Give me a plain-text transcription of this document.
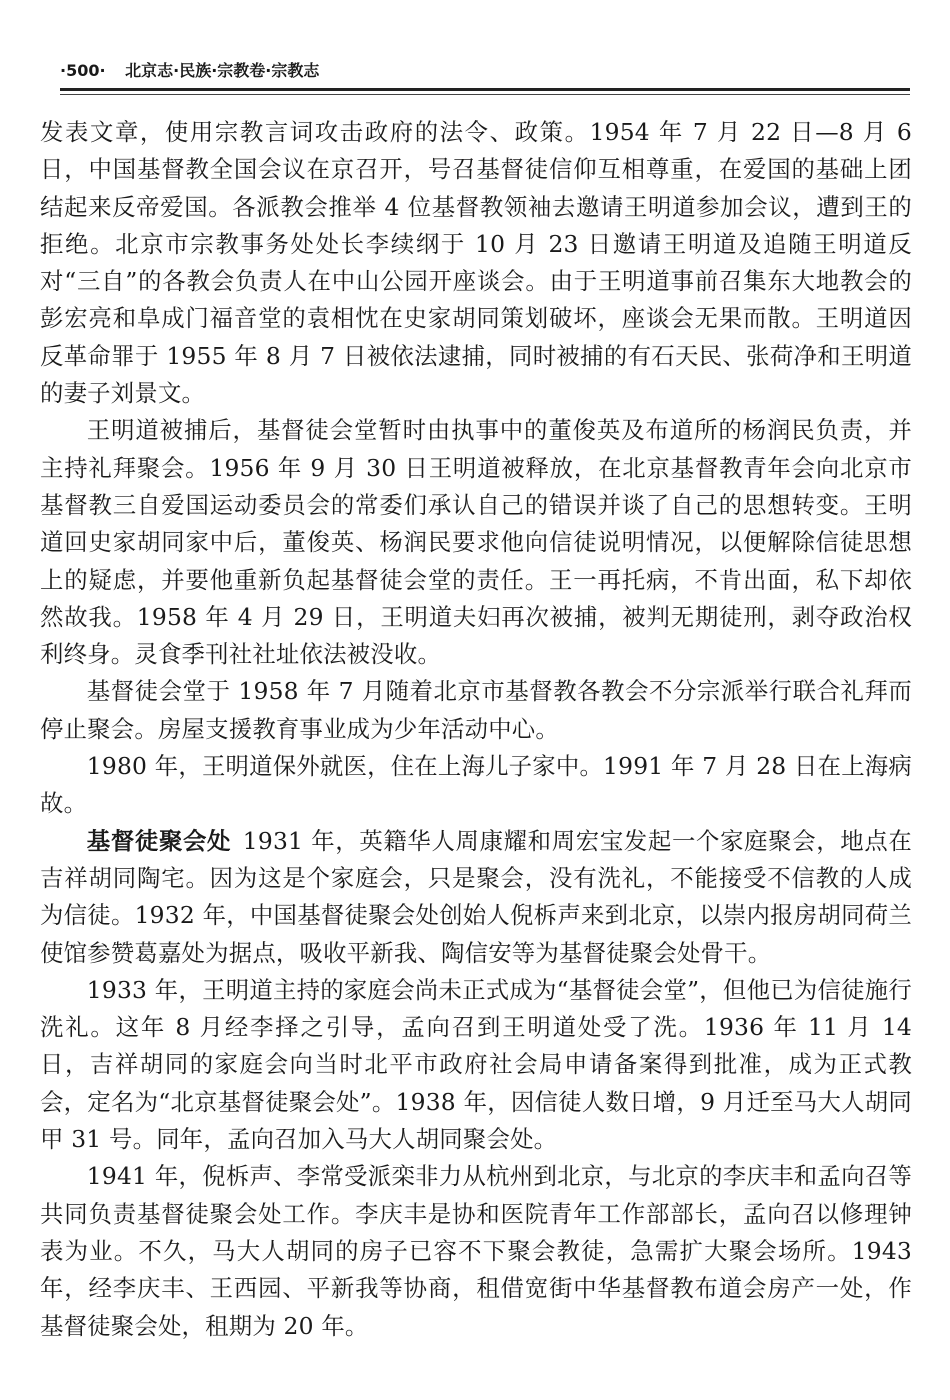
·500· 北京志·民族·宗教卷·宗教志

发表文章，使用宗教言词攻击政府的法令、政策。1954 年 7 月 22 日—8 月 6 日，中国基督教全国会议在京召开，号召基督徒信仰互相尊重，在爱国的基础上团结起来反帝爱国。各派教会推举 4 位基督教领袖去邀请王明道参加会议，遭到王的拒绝。北京市宗教事务处处长李续纲于 10 月 23 日邀请王明道及追随王明道反对“三自”的各教会负责人在中山公园开座谈会。由于王明道事前召集东大地教会的彭宏亮和阜成门福音堂的袁相忱在史家胡同策划破坏，座谈会无果而散。王明道因反革命罪于 1955 年 8 月 7 日被依法逮捕，同时被捕的有石天民、张荷净和王明道的妻子刘景文。

王明道被捕后，基督徒会堂暂时由执事中的董俊英及布道所的杨润民负责，并主持礼拜聚会。1956 年 9 月 30 日王明道被释放，在北京基督教青年会向北京市基督教三自爱国运动委员会的常委们承认自己的错误并谈了自己的思想转变。王明道回史家胡同家中后，董俊英、杨润民要求他向信徒说明情况，以便解除信徒思想上的疑虑，并要他重新负起基督徒会堂的责任。王一再托病，不肯出面，私下却依然故我。1958 年 4 月 29 日，王明道夫妇再次被捕，被判无期徒刑，剥夺政治权利终身。灵食季刊社社址依法被没收。

基督徒会堂于 1958 年 7 月随着北京市基督教各教会不分宗派举行联合礼拜而停止聚会。房屋支援教育事业成为少年活动中心。

1980 年，王明道保外就医，住在上海儿子家中。1991 年 7 月 28 日在上海病故。

基督徒聚会处 1931 年，英籍华人周康耀和周宏宝发起一个家庭聚会，地点在吉祥胡同陶宅。因为这是个家庭会，只是聚会，没有洗礼，不能接受不信教的人成为信徒。1932 年，中国基督徒聚会处创始人倪柝声来到北京，以崇内报房胡同荷兰使馆参赞葛嘉处为据点，吸收平新我、陶信安等为基督徒聚会处骨干。

1933 年，王明道主持的家庭会尚未正式成为“基督徒会堂”，但他已为信徒施行洗礼。这年 8 月经李择之引导，孟向召到王明道处受了洗。1936 年 11 月 14 日，吉祥胡同的家庭会向当时北平市政府社会局申请备案得到批准，成为正式教会，定名为“北京基督徒聚会处”。1938 年，因信徒人数日增，9 月迁至马大人胡同甲 31 号。同年，孟向召加入马大人胡同聚会处。

1941 年，倪柝声、李常受派栾非力从杭州到北京，与北京的李庆丰和孟向召等共同负责基督徒聚会处工作。李庆丰是协和医院青年工作部部长，孟向召以修理钟表为业。不久，马大人胡同的房子已容不下聚会教徒，急需扩大聚会场所。1943 年，经李庆丰、王西园、平新我等协商，租借宽街中华基督教布道会房产一处，作基督徒聚会处，租期为 20 年。
